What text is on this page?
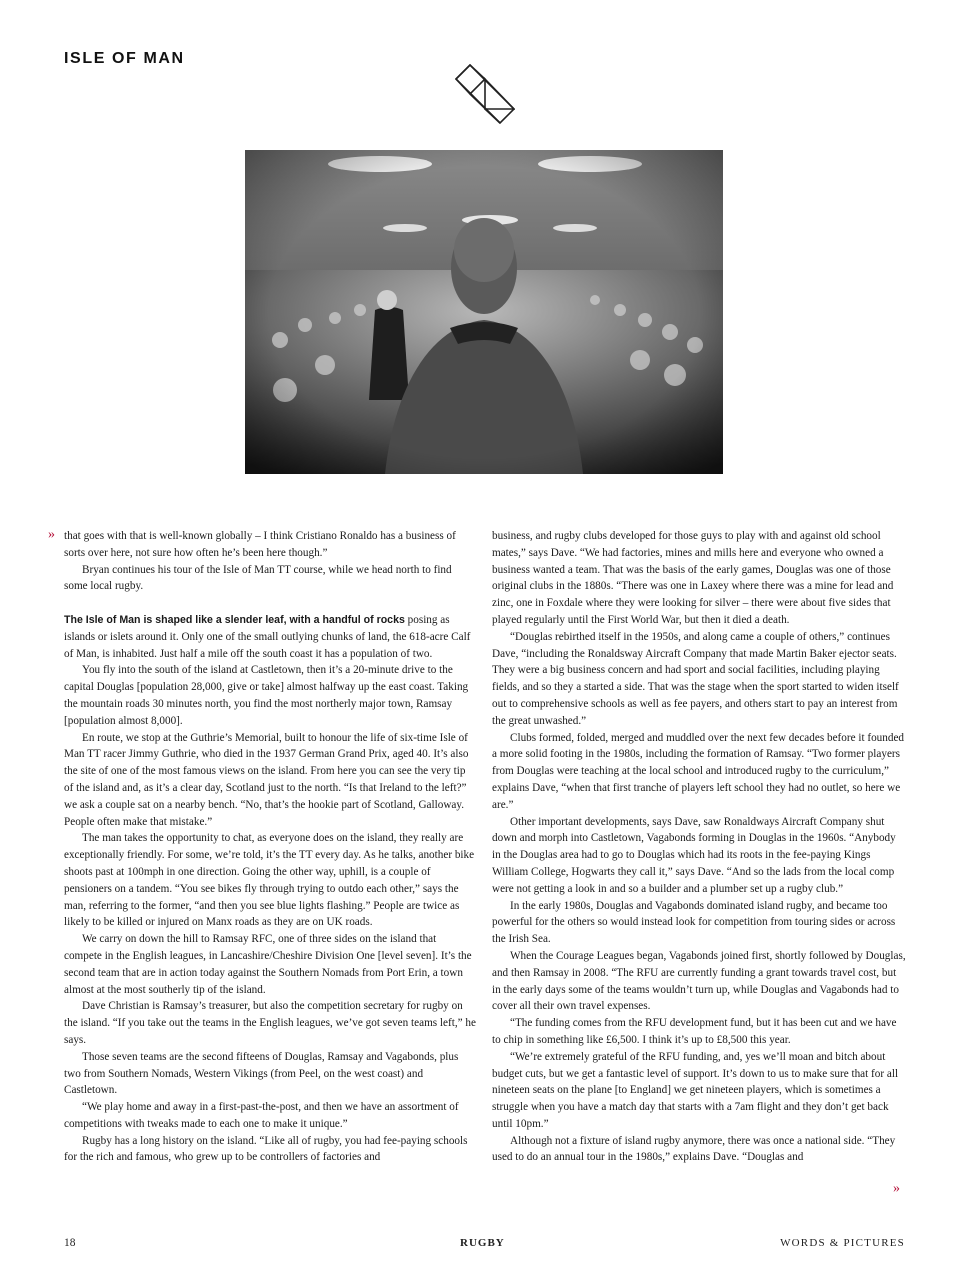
ISLE OF MAN
» that goes with that is well-known globally – I think Cristiano Ronaldo has a business of sorts over here, not sure how often he’s been here though.”

Bryan continues his tour of the Isle of Man TT course, while we head north to find some local rugby.

The Isle of Man is shaped like a slender leaf, with a handful of rocks posing as islands or islets around it. Only one of the small outlying chunks of land, the 618-acre Calf of Man, is inhabited. Just half a mile off the south coast it has a population of two.

You fly into the south of the island at Castletown, then it’s a 20-minute drive to the capital Douglas [population 28,000, give or take] almost halfway up the east coast. Taking the mountain roads 30 minutes north, you find the most northerly major town, Ramsay [population almost 8,000].

En route, we stop at the Guthrie’s Memorial, built to honour the life of six-time Isle of Man TT racer Jimmy Guthrie, who died in the 1937 German Grand Prix, aged 40. It’s also the site of one of the most famous views on the island. From here you can see the very tip of the island and, as it’s a clear day, Scotland just to the north. “Is that Ireland to the left?” we ask a couple sat on a nearby bench. “No, that’s the hookie part of Scotland, Galloway. People often make that mistake.”

The man takes the opportunity to chat, as everyone does on the island, they really are exceptionally friendly. For some, we’re told, it’s the TT every day. As he talks, another bike shoots past at 100mph in one direction. Going the other way, uphill, is a couple of pensioners on a tandem. “You see bikes fly through trying to outdo each other,” says the man, referring to the former, “and then you see blue lights flashing.” People are twice as likely to be killed or injured on Manx roads as they are on UK roads.

We carry on down the hill to Ramsay RFC, one of three sides on the island that compete in the English leagues, in Lancashire/Cheshire Division One [level seven]. It’s the second team that are in action today against the Southern Nomads from Port Erin, a town almost at the most southerly tip of the island.

Dave Christian is Ramsay’s treasurer, but also the competition secretary for rugby on the island. “If you take out the teams in the English leagues, we’ve got seven teams left,” he says.

Those seven teams are the second fifteens of Douglas, Ramsay and Vagabonds, plus two from Southern Nomads, Western Vikings (from Peel, on the west coast) and Castletown.

“We play home and away in a first-past-the-post, and then we have an assortment of competitions with tweaks made to each one to make it unique.”

Rugby has a long history on the island. “Like all of rugby, you had fee-paying schools for the rich and famous, who grew up to be controllers of factories and

business, and rugby clubs developed for those guys to play with and against old school mates,” says Dave. “We had factories, mines and mills here and everyone who owned a business wanted a team. That was the basis of the early games, Douglas was one of those original clubs in the 1880s. “There was one in Laxey where there was a mine for lead and zinc, one in Foxdale where they were looking for silver – there were about five sides that played regularly until the First World War, but then it died a death.

“Douglas rebirthed itself in the 1950s, and along came a couple of others,” continues Dave, “including the Ronaldsway Aircraft Company that made Martin Baker ejector seats. They were a big business concern and had sport and social facilities, including playing fields, and so they a started a side. That was the stage when the sport started to widen itself out to comprehensive schools as well as fee payers, and others start to pay an interest from the great unwashed.”

Clubs formed, folded, merged and muddled over the next few decades before it founded a more solid footing in the 1980s, including the formation of Ramsay. “Two former players from Douglas were teaching at the local school and introduced rugby to the curriculum,” explains Dave, “when that first tranche of players left school they had no outlet, so here we are.”

Other important developments, says Dave, saw Ronaldways Aircraft Company shut down and morph into Castletown, Vagabonds forming in Douglas in the 1960s. “Anybody in the Douglas area had to go to Douglas which had its roots in the fee-paying Kings William College, Hogwarts they call it,” says Dave. “And so the lads from the local comp were not getting a look in and so a builder and a plumber set up a rugby club.”

In the early 1980s, Douglas and Vagabonds dominated island rugby, and became too powerful for the others so would instead look for competition from touring sides or across the Irish Sea.

When the Courage Leagues began, Vagabonds joined first, shortly followed by Douglas, and then Ramsay in 2008. “The RFU are currently funding a grant towards travel cost, but in the early days some of the teams wouldn’t turn up, while Douglas and Vagabonds had to cover all their own travel expenses.

“The funding comes from the RFU development fund, but it has been cut and we have to chip in something like £6,500. I think it’s up to £8,500 this year.

“We’re extremely grateful of the RFU funding, and, yes we’ll moan and bitch about budget cuts, but we get a fantastic level of support. It’s down to us to make sure that for all nineteen seats on the plane [to England] we get nineteen players, which is sometimes a struggle when you have a match day that starts with a 7am flight and they don’t get back until 10pm.”

Although not a fixture of island rugby anymore, there was once a national side. “They used to do an annual tour in the 1980s,” explains Dave. “Douglas and

»
18	RUGBY	WORDS & PICTURES
